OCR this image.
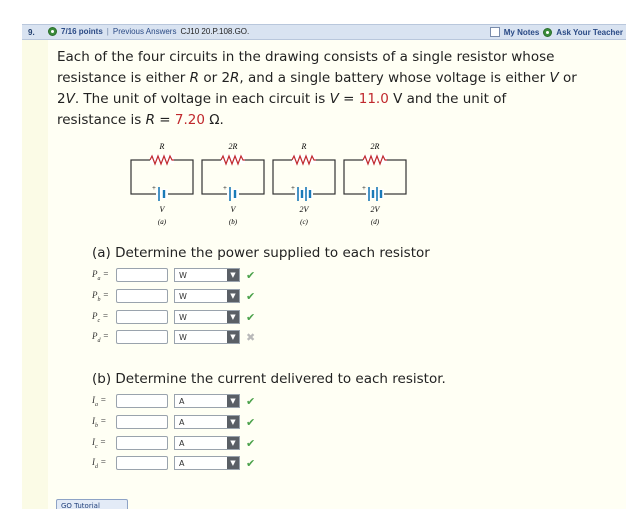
9.	7/16 points | Previous Answers CJ10 20.P.108.GO.	My Notes Ask Your Teacher
Each of the four circuits in the drawing consists of a single resistor whose
resistance is either R or 2R, and a single battery whose voltage is either V or
2V. The unit of voltage in each circuit is V = 11.0 V and the unit of
resistance is R = 7.20 Ω.
R
+
V
(a)
2R
+
V
(b)
R
+
2V
(c)
2R
+
2V
(d)
(a) Determine the power supplied to each resistor
$P_a$ =	W	▼ ✔
$P_b$ =	W	▼ ✔
$P_c$ =	W	▼ ✔
$P_d$ =	W	▼ ✖
(b) Determine the current delivered to each resistor.
$I_a$ =	A	▼ ✔
$I_b$ =	A	▼ ✔
$I_c$ =	A	▼ ✔
$I_d$ =	A	▼ ✔
GO Tutorial
